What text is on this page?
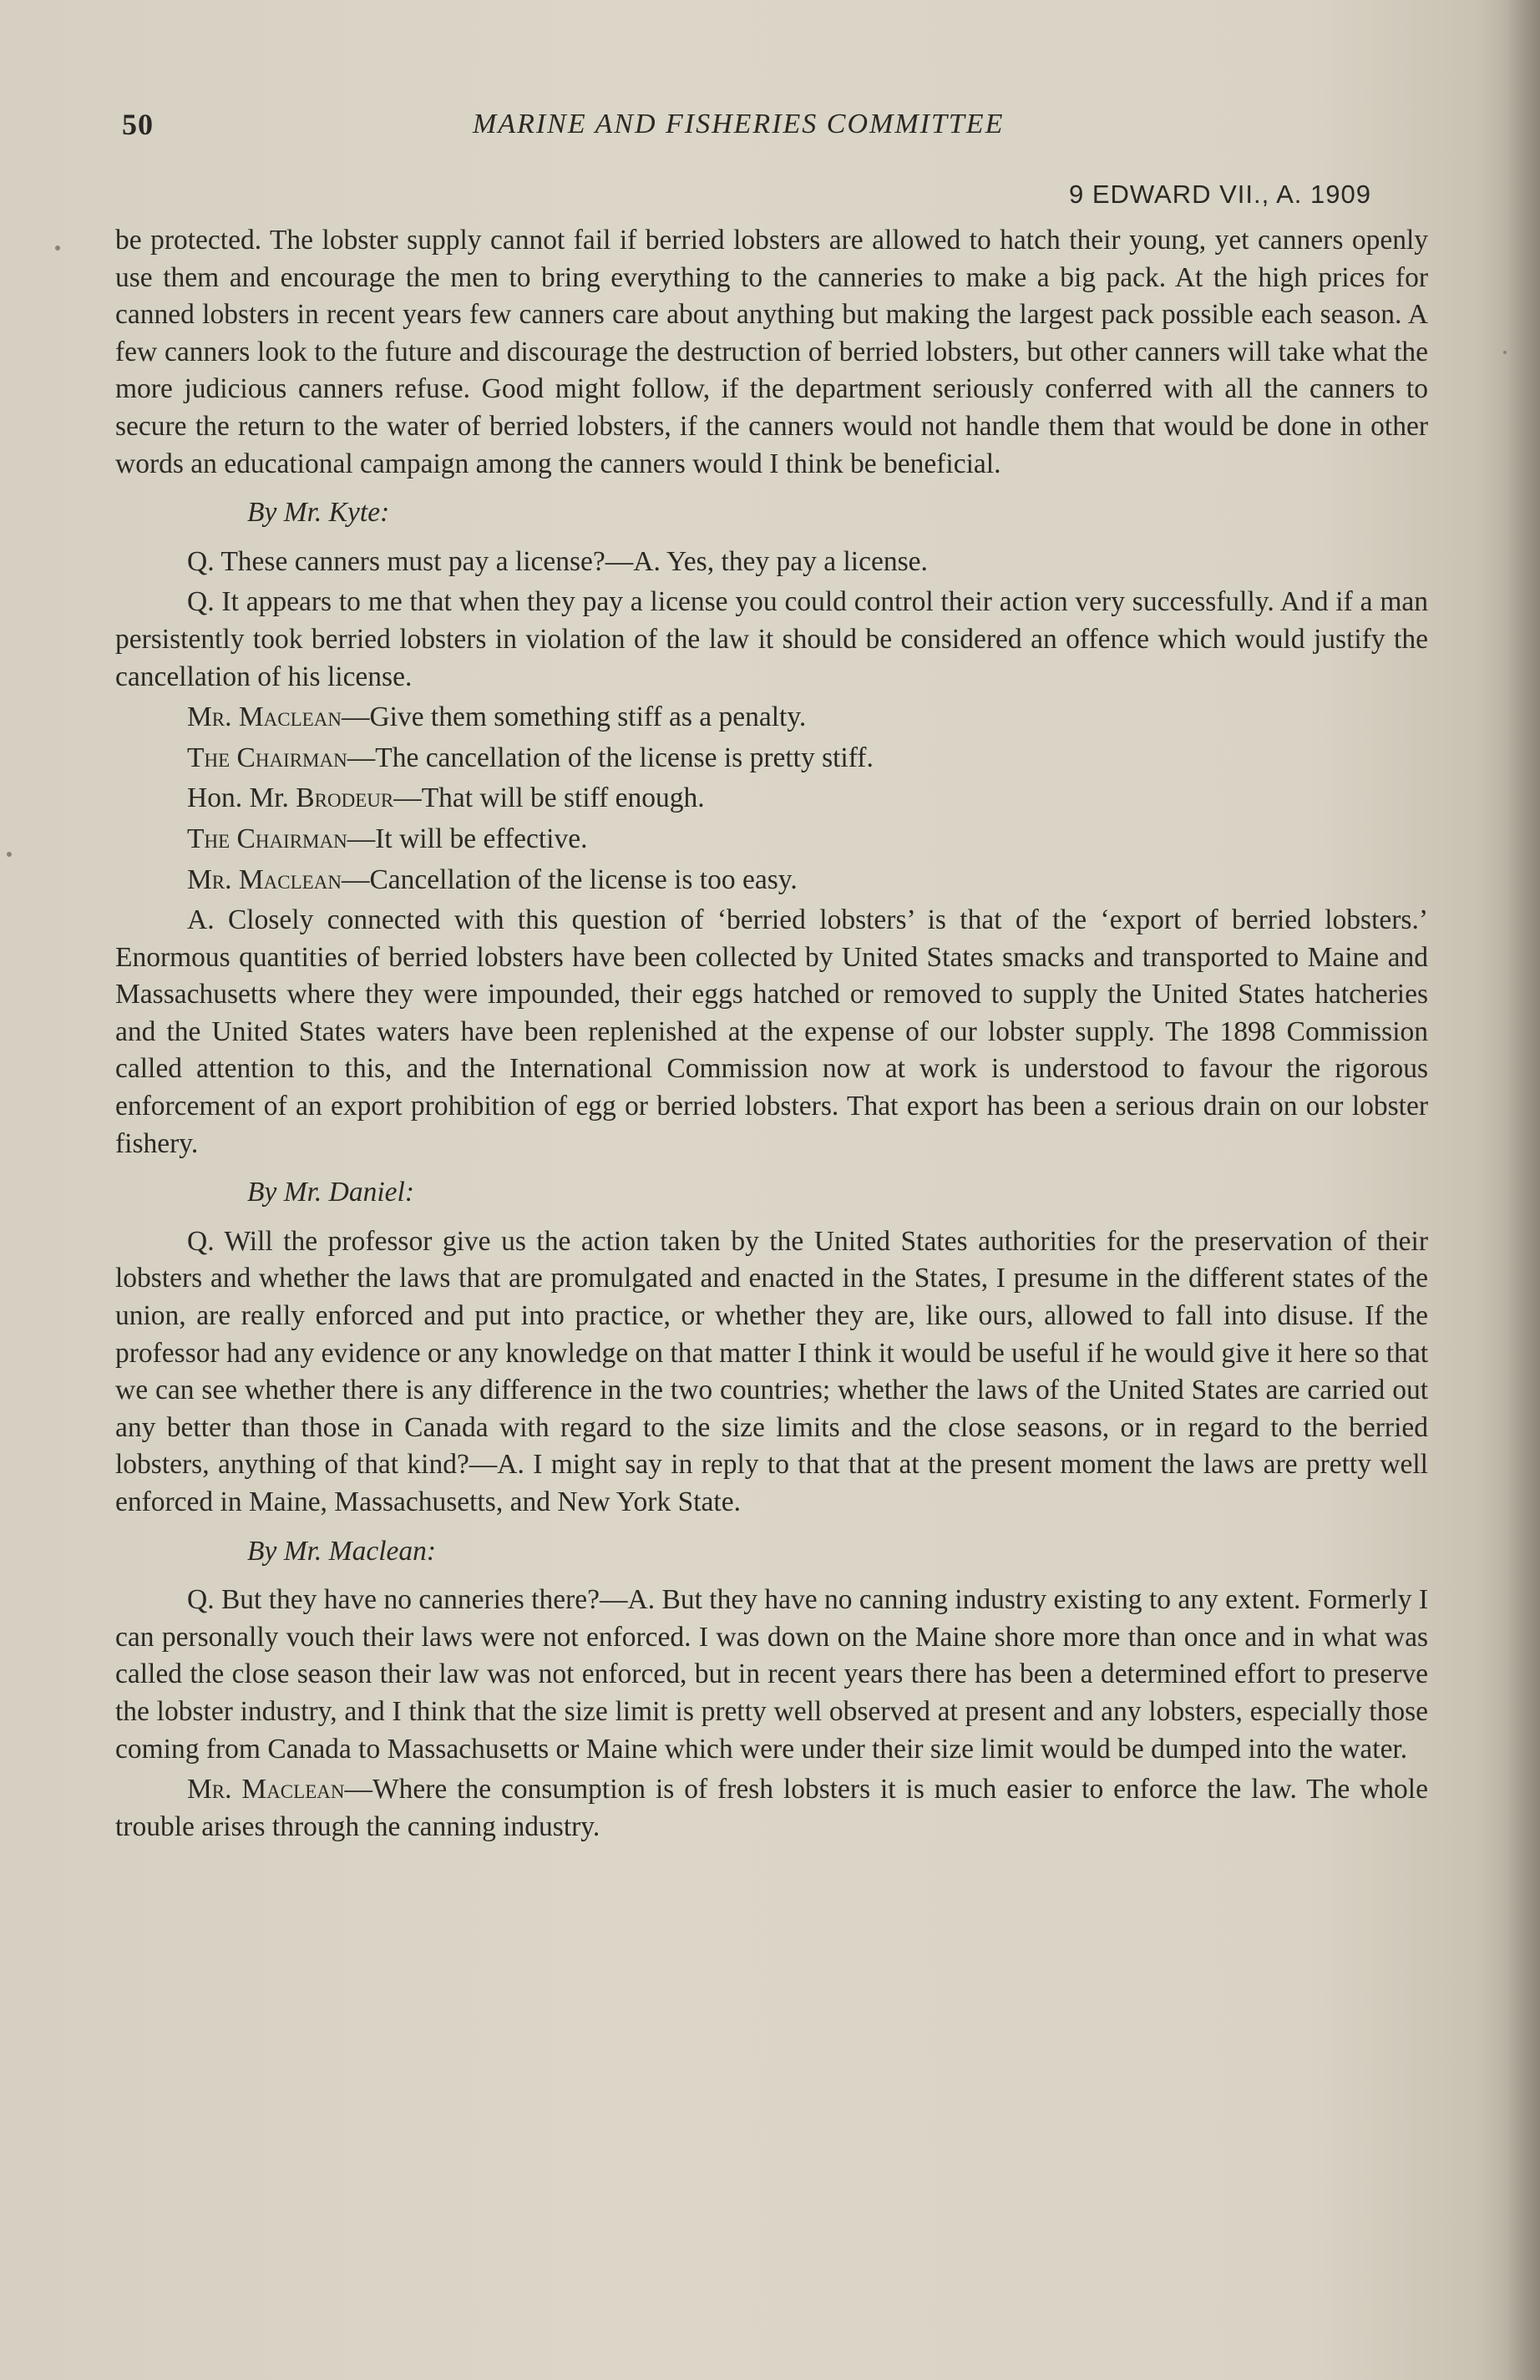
50	MARINE AND FISHERIES COMMITTEE
9 EDWARD VII., A. 1909

be protected. The lobster supply cannot fail if berried lobsters are allowed to hatch their young, yet canners openly use them and encourage the men to bring everything to the canneries to make a big pack. At the high prices for canned lobsters in recent years few canners care about anything but making the largest pack possible each season. A few canners look to the future and discourage the destruction of berried lobsters, but other canners will take what the more judicious canners refuse. Good might follow, if the department seriously conferred with all the canners to secure the return to the water of berried lobsters, if the canners would not handle them that would be done in other words an educational campaign among the canners would I think be beneficial.

By Mr. Kyte:

Q. These canners must pay a license?—A. Yes, they pay a license.

Q. It appears to me that when they pay a license you could control their action very successfully. And if a man persistently took berried lobsters in violation of the law it should be considered an offence which would justify the cancellation of his license.

Mr. Maclean—Give them something stiff as a penalty.

The Chairman—The cancellation of the license is pretty stiff.

Hon. Mr. Brodeur—That will be stiff enough.

The Chairman—It will be effective.

Mr. Maclean—Cancellation of the license is too easy.

A. Closely connected with this question of ‘berried lobsters’ is that of the ‘export of berried lobsters.’ Enormous quantities of berried lobsters have been collected by United States smacks and transported to Maine and Massachusetts where they were impounded, their eggs hatched or removed to supply the United States hatcheries and the United States waters have been replenished at the expense of our lobster supply. The 1898 Commission called attention to this, and the International Commission now at work is understood to favour the rigorous enforcement of an export prohibition of egg or berried lobsters. That export has been a serious drain on our lobster fishery.

By Mr. Daniel:

Q. Will the professor give us the action taken by the United States authorities for the preservation of their lobsters and whether the laws that are promulgated and enacted in the States, I presume in the different states of the union, are really enforced and put into practice, or whether they are, like ours, allowed to fall into disuse. If the professor had any evidence or any knowledge on that matter I think it would be useful if he would give it here so that we can see whether there is any difference in the two countries; whether the laws of the United States are carried out any better than those in Canada with regard to the size limits and the close seasons, or in regard to the berried lobsters, anything of that kind?—A. I might say in reply to that that at the present moment the laws are pretty well enforced in Maine, Massachusetts, and New York State.

By Mr. Maclean:

Q. But they have no canneries there?—A. But they have no canning industry existing to any extent. Formerly I can personally vouch their laws were not enforced. I was down on the Maine shore more than once and in what was called the close season their law was not enforced, but in recent years there has been a determined effort to preserve the lobster industry, and I think that the size limit is pretty well observed at present and any lobsters, especially those coming from Canada to Massachusetts or Maine which were under their size limit would be dumped into the water.

Mr. Maclean—Where the consumption is of fresh lobsters it is much easier to enforce the law. The whole trouble arises through the canning industry.
